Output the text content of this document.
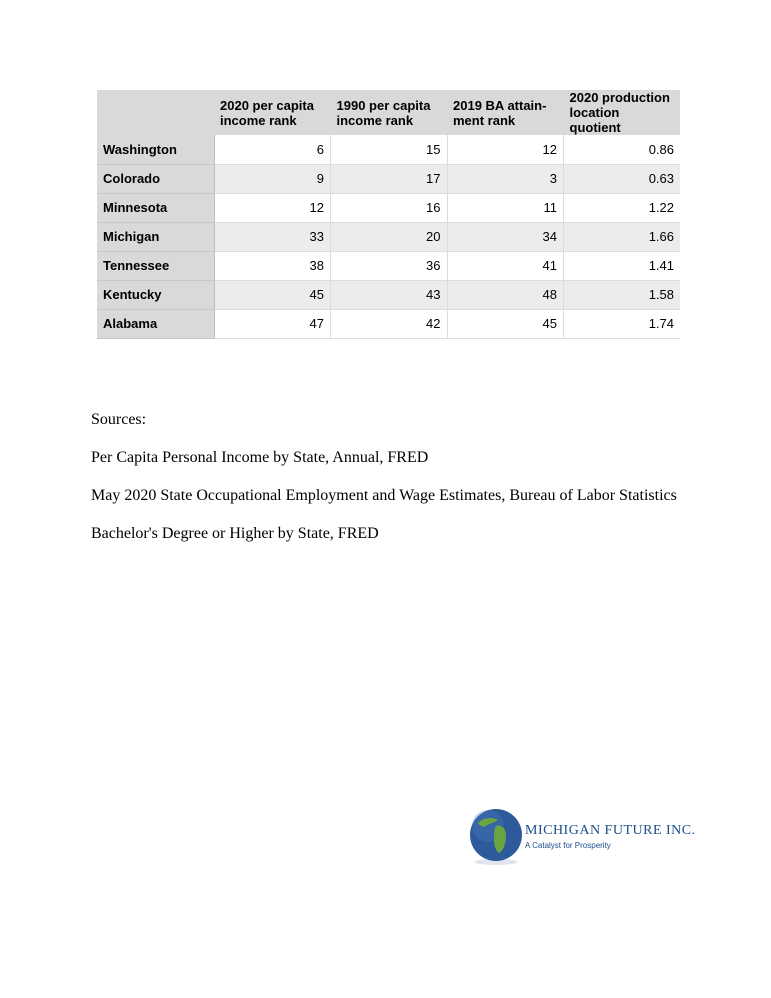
	2020 per capita income rank	1990 per capita income rank	2019 BA attain- ment rank	2020 production location quotient
Washington	6	15	12	0.86
Colorado	9	17	3	0.63
Minnesota	12	16	11	1.22
Michigan	33	20	34	1.66
Tennessee	38	36	41	1.41
Kentucky	45	43	48	1.58
Alabama	47	42	45	1.74

Sources:

Per Capita Personal Income by State, Annual, FRED

May 2020 State Occupational Employment and Wage Estimates, Bureau of Labor Statistics

Bachelor's Degree or Higher by State, FRED

MICHIGAN FUTURE INC.
A Catalyst for Prosperity
